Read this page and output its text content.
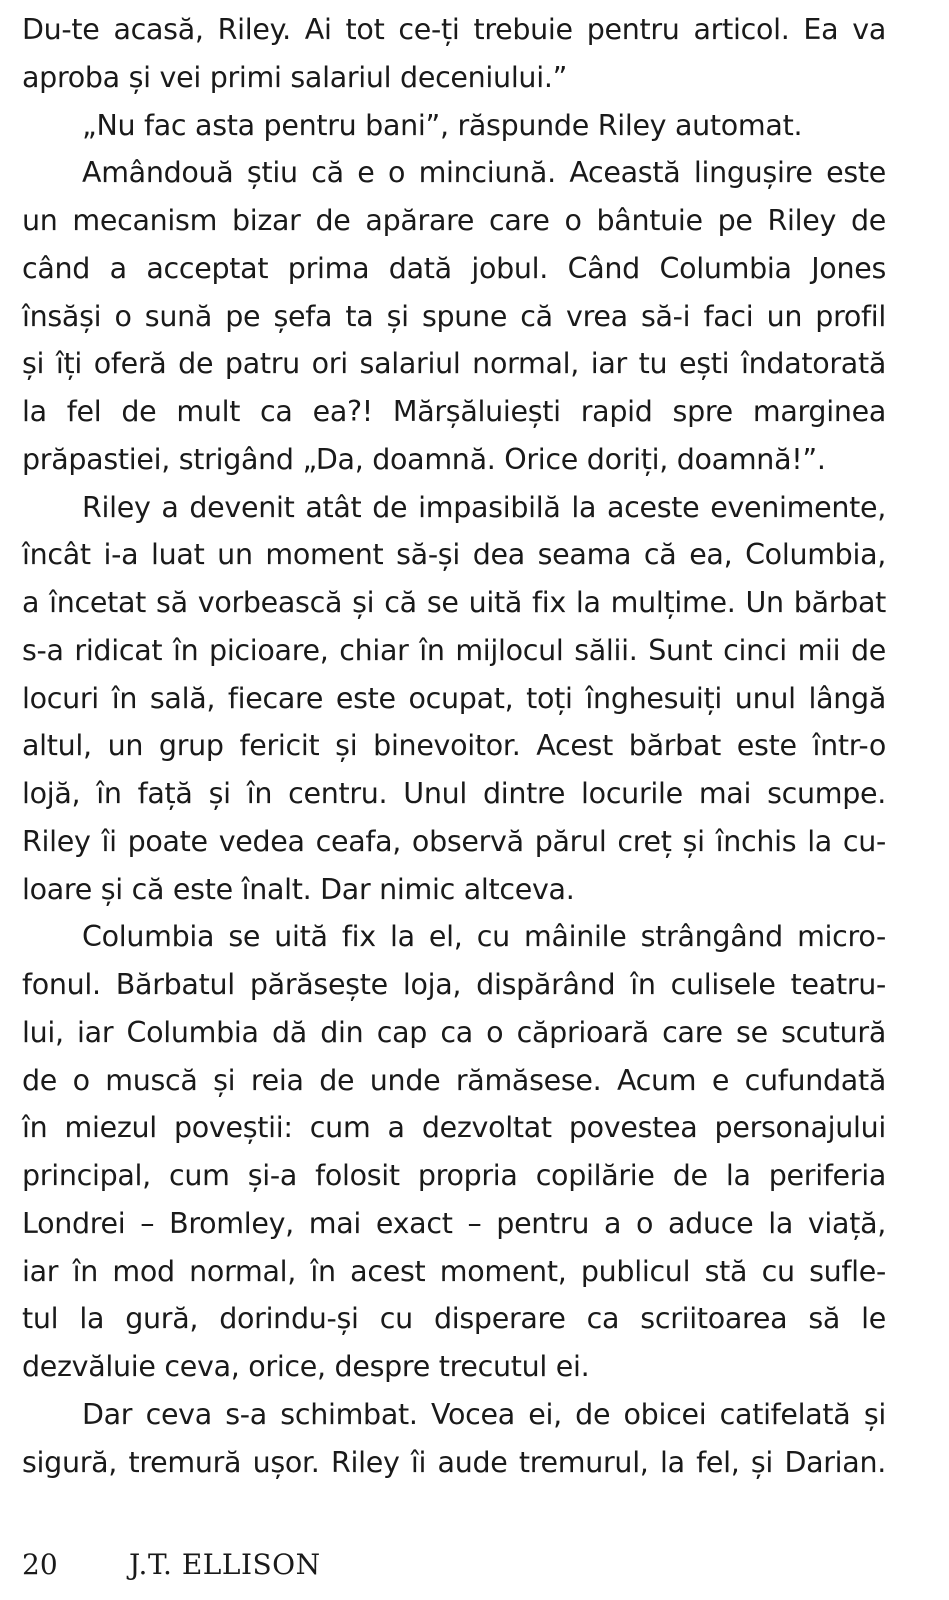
Du-te acasă, Riley. Ai tot ce-ți trebuie pentru articol. Ea va
aproba și vei primi salariul deceniului.”
„Nu fac asta pentru bani”, răspunde Riley automat.
Amândouă știu că e o minciună. Această lingușire este
un mecanism bizar de apărare care o bântuie pe Riley de
când a acceptat prima dată jobul. Când Columbia Jones
însăși o sună pe șefa ta și spune că vrea să-i faci un profil
și îți oferă de patru ori salariul normal, iar tu ești îndatorată
la fel de mult ca ea?! Mărșăluiești rapid spre marginea
prăpastiei, strigând „Da, doamnă. Orice doriți, doamnă!”.
Riley a devenit atât de impasibilă la aceste evenimente,
încât i-a luat un moment să-și dea seama că ea, Columbia,
a încetat să vorbească și că se uită fix la mulțime. Un bărbat
s-a ridicat în picioare, chiar în mijlocul sălii. Sunt cinci mii de
locuri în sală, fiecare este ocupat, toți înghesuiți unul lângă
altul, un grup fericit și binevoitor. Acest bărbat este într-o
lojă, în față și în centru. Unul dintre locurile mai scumpe.
Riley îi poate vedea ceafa, observă părul creț și închis la cu-
loare și că este înalt. Dar nimic altceva.
Columbia se uită fix la el, cu mâinile strângând micro-
fonul. Bărbatul părăsește loja, dispărând în culisele teatru-
lui, iar Columbia dă din cap ca o căprioară care se scutură
de o muscă și reia de unde rămăsese. Acum e cufundată
în miezul poveștii: cum a dezvoltat povestea personajului
principal, cum și-a folosit propria copilărie de la periferia
Londrei – Bromley, mai exact – pentru a o aduce la viață,
iar în mod normal, în acest moment, publicul stă cu sufle-
tul la gură, dorindu-și cu disperare ca scriitoarea să le
dezvăluie ceva, orice, despre trecutul ei.
Dar ceva s-a schimbat. Vocea ei, de obicei catifelată și
sigură, tremură ușor. Riley îi aude tremurul, la fel, și Darian.
20	J.T. ELLISON
